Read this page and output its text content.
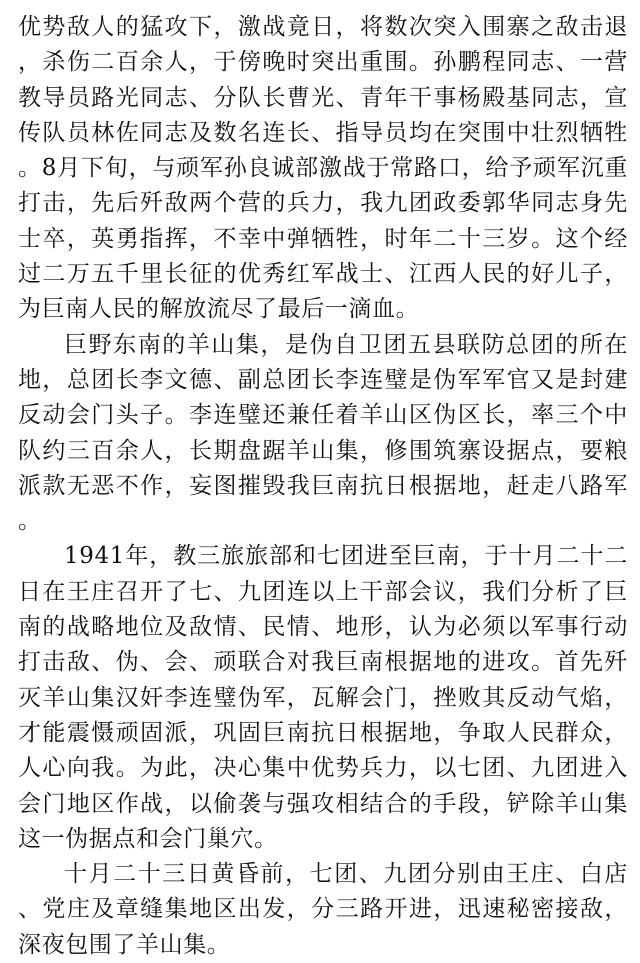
优势敌人的猛攻下，激战竟日，将数次突入围寨之敌击退，杀伤二百余人，于傍晚时突出重围。孙鹏程同志、一营教导员路光同志、分队长曹光、青年干事杨殿基同志，宣传队员林佐同志及数名连长、指导员均在突围中壮烈牺牲。8月下旬，与顽军孙良诚部激战于常路口，给予顽军沉重打击，先后歼敌两个营的兵力，我九团政委郭华同志身先士卒，英勇指挥，不幸中弹牺牲，时年二十三岁。这个经过二万五千里长征的优秀红军战士、江西人民的好儿子，为巨南人民的解放流尽了最后一滴血。

巨野东南的羊山集，是伪自卫团五县联防总团的所在地，总团长李文德、副总团长李连璧是伪军军官又是封建反动会门头子。李连璧还兼任着羊山区伪区长，率三个中队约三百余人，长期盘踞羊山集，修围筑寨设据点，要粮派款无恶不作，妄图摧毁我巨南抗日根据地，赶走八路军。

1941年，教三旅旅部和七团进至巨南，于十月二十二日在王庄召开了七、九团连以上干部会议，我们分析了巨南的战略地位及敌情、民情、地形，认为必须以军事行动打击敌、伪、会、顽联合对我巨南根据地的进攻。首先歼灭羊山集汉奸李连璧伪军，瓦解会门，挫败其反动气焰，才能震慑顽固派，巩固巨南抗日根据地，争取人民群众，人心向我。为此，决心集中优势兵力，以七团、九团进入会门地区作战，以偷袭与强攻相结合的手段，铲除羊山集这一伪据点和会门巢穴。

十月二十三日黄昏前，七团、九团分别由王庄、白店、党庄及章缝集地区出发，分三路开进，迅速秘密接敌，深夜包围了羊山集。
